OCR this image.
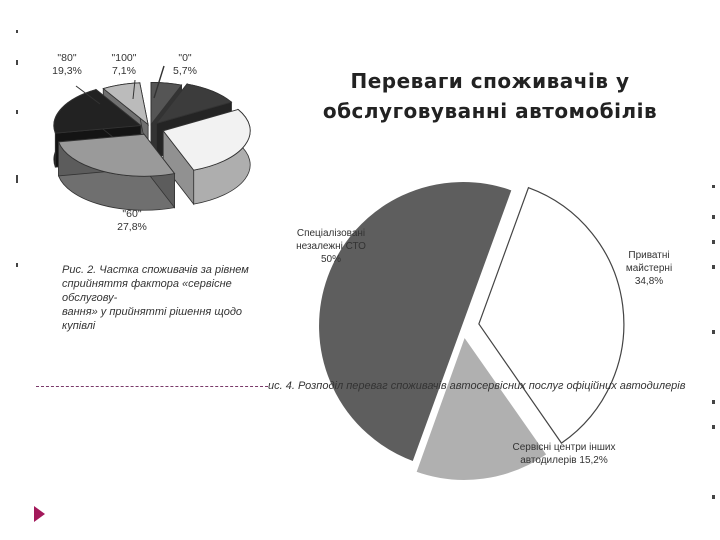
Переваги споживачів у
обслуговуванні автомобілів
"80"
19,3%
"100"
7,1%
"0"
5,7%
"60"
27,8%
Рис. 2. Частка споживачів за рівнем
сприйняття фактора «сервісне обслугову-
вання» у прийнятті рішення щодо купівлі
Спеціалізовані
незалежні СТО
50%	Приватні
майстерні
34,8%
Сервісні центри інших
автодилерів 15,2%
ис. 4. Розподіл переваг споживачів автосервісних послуг офіційних автодилерів
